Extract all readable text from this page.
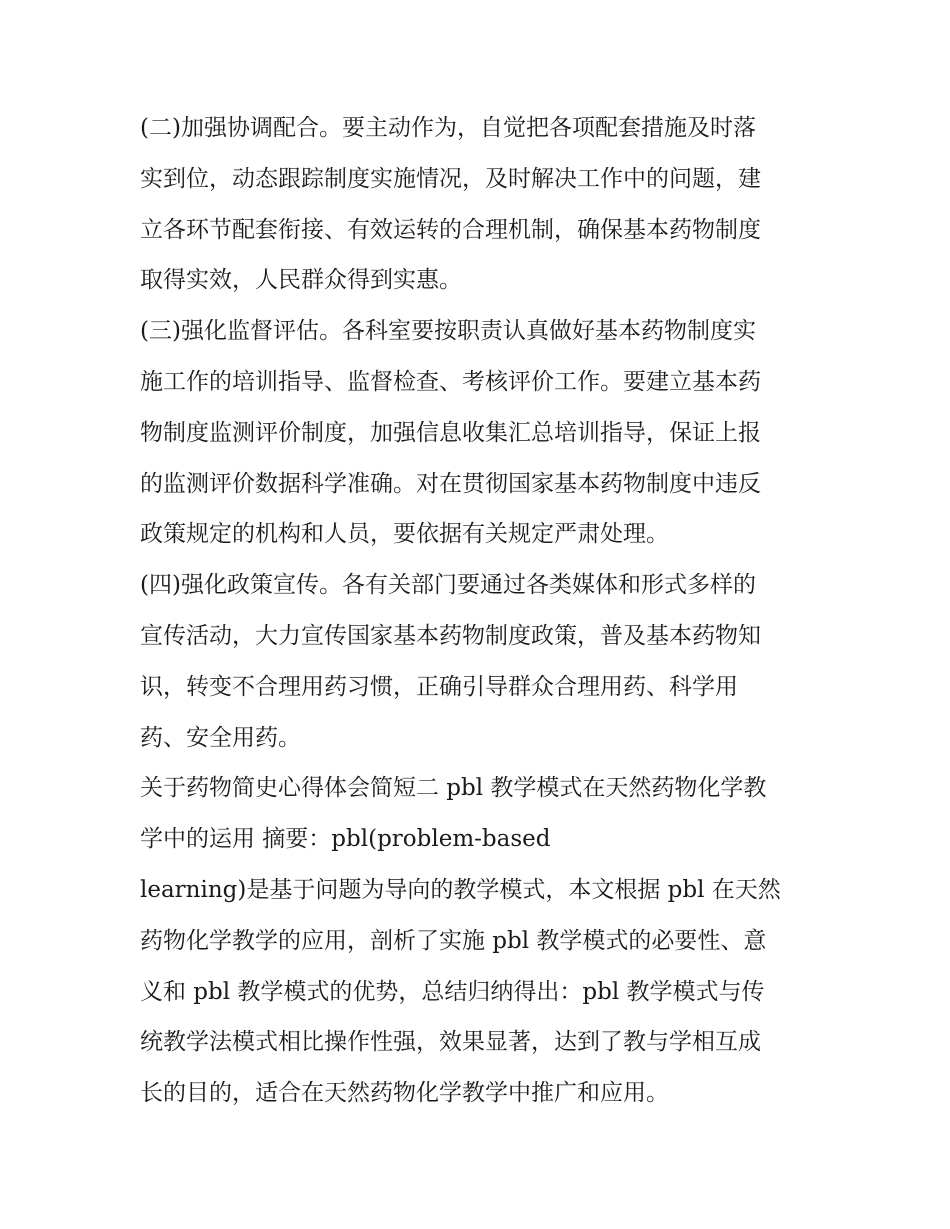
(二)加强协调配合。要主动作为，自觉把各项配套措施及时落
实到位，动态跟踪制度实施情况，及时解决工作中的问题，建
立各环节配套衔接、有效运转的合理机制，确保基本药物制度
取得实效，人民群众得到实惠。
(三)强化监督评估。各科室要按职责认真做好基本药物制度实
施工作的培训指导、监督检查、考核评价工作。要建立基本药
物制度监测评价制度，加强信息收集汇总培训指导，保证上报
的监测评价数据科学准确。对在贯彻国家基本药物制度中违反
政策规定的机构和人员，要依据有关规定严肃处理。
(四)强化政策宣传。各有关部门要通过各类媒体和形式多样的
宣传活动，大力宣传国家基本药物制度政策，普及基本药物知
识，转变不合理用药习惯，正确引导群众合理用药、科学用
药、安全用药。
关于药物简史心得体会简短二 pbl 教学模式在天然药物化学教
学中的运用 摘要：pbl(problem-based
learning)是基于问题为导向的教学模式，本文根据 pbl 在天然
药物化学教学的应用，剖析了实施 pbl 教学模式的必要性、意
义和 pbl 教学模式的优势，总结归纳得出：pbl 教学模式与传
统教学法模式相比操作性强，效果显著，达到了教与学相互成
长的目的，适合在天然药物化学教学中推广和应用。
